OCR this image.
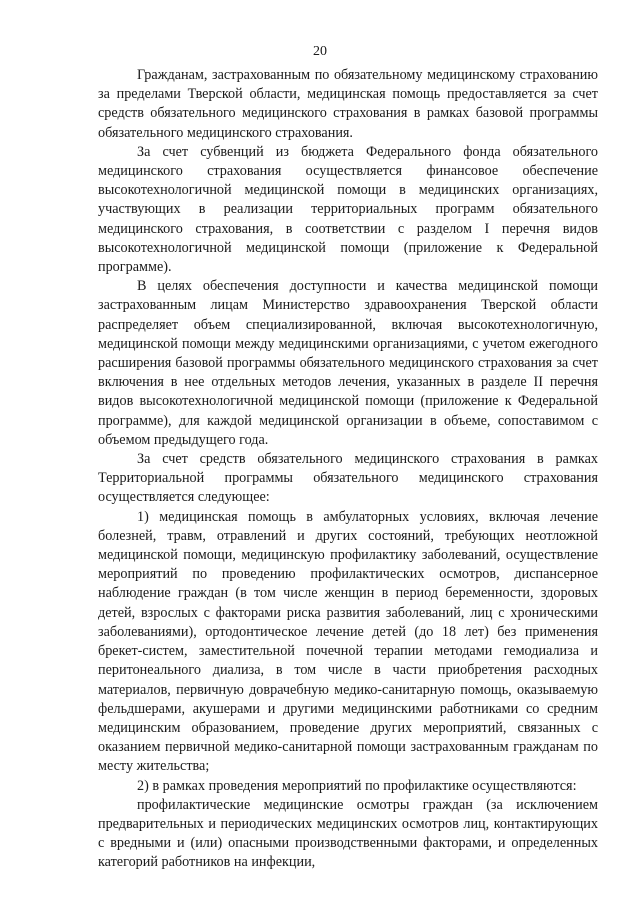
20

Гражданам, застрахованным по обязательному медицинскому страхованию за пределами Тверской области, медицинская помощь предоставляется за счет средств обязательного медицинского страхования в рамках базовой программы обязательного медицинского страхования.

За счет субвенций из бюджета Федерального фонда обязательного медицинского страхования осуществляется финансовое обеспечение высокотехнологичной медицинской помощи в медицинских организациях, участвующих в реализации территориальных программ обязательного медицинского страхования, в соответствии с разделом I перечня видов высокотехнологичной медицинской помощи (приложение к Федеральной программе).

В целях обеспечения доступности и качества медицинской помощи застрахованным лицам Министерство здравоохранения Тверской области распределяет объем специализированной, включая высокотехнологичную, медицинской помощи между медицинскими организациями, с учетом ежегодного расширения базовой программы обязательного медицинского страхования за счет включения в нее отдельных методов лечения, указанных в разделе II перечня видов высокотехнологичной медицинской помощи (приложение к Федеральной программе), для каждой медицинской организации в объеме, сопоставимом с объемом предыдущего года.

За счет средств обязательного медицинского страхования в рамках Территориальной программы обязательного медицинского страхования осуществляется следующее:

1) медицинская помощь в амбулаторных условиях, включая лечение болезней, травм, отравлений и других состояний, требующих неотложной медицинской помощи, медицинскую профилактику заболеваний, осуществление мероприятий по проведению профилактических осмотров, диспансерное наблюдение граждан (в том числе женщин в период беременности, здоровых детей, взрослых с факторами риска развития заболеваний, лиц с хроническими заболеваниями), ортодонтическое лечение детей (до 18 лет) без применения брекет-систем, заместительной почечной терапии методами гемодиализа и перитонеального диализа, в том числе в части приобретения расходных материалов, первичную доврачебную медико-санитарную помощь, оказываемую фельдшерами, акушерами и другими медицинскими работниками со средним медицинским образованием, проведение других мероприятий, связанных с оказанием первичной медико-санитарной помощи застрахованным гражданам по месту жительства;

2) в рамках проведения мероприятий по профилактике осуществляются:

профилактические медицинские осмотры граждан (за исключением предварительных и периодических медицинских осмотров лиц, контактирующих с вредными и (или) опасными производственными факторами, и определенных категорий работников на инфекции,
